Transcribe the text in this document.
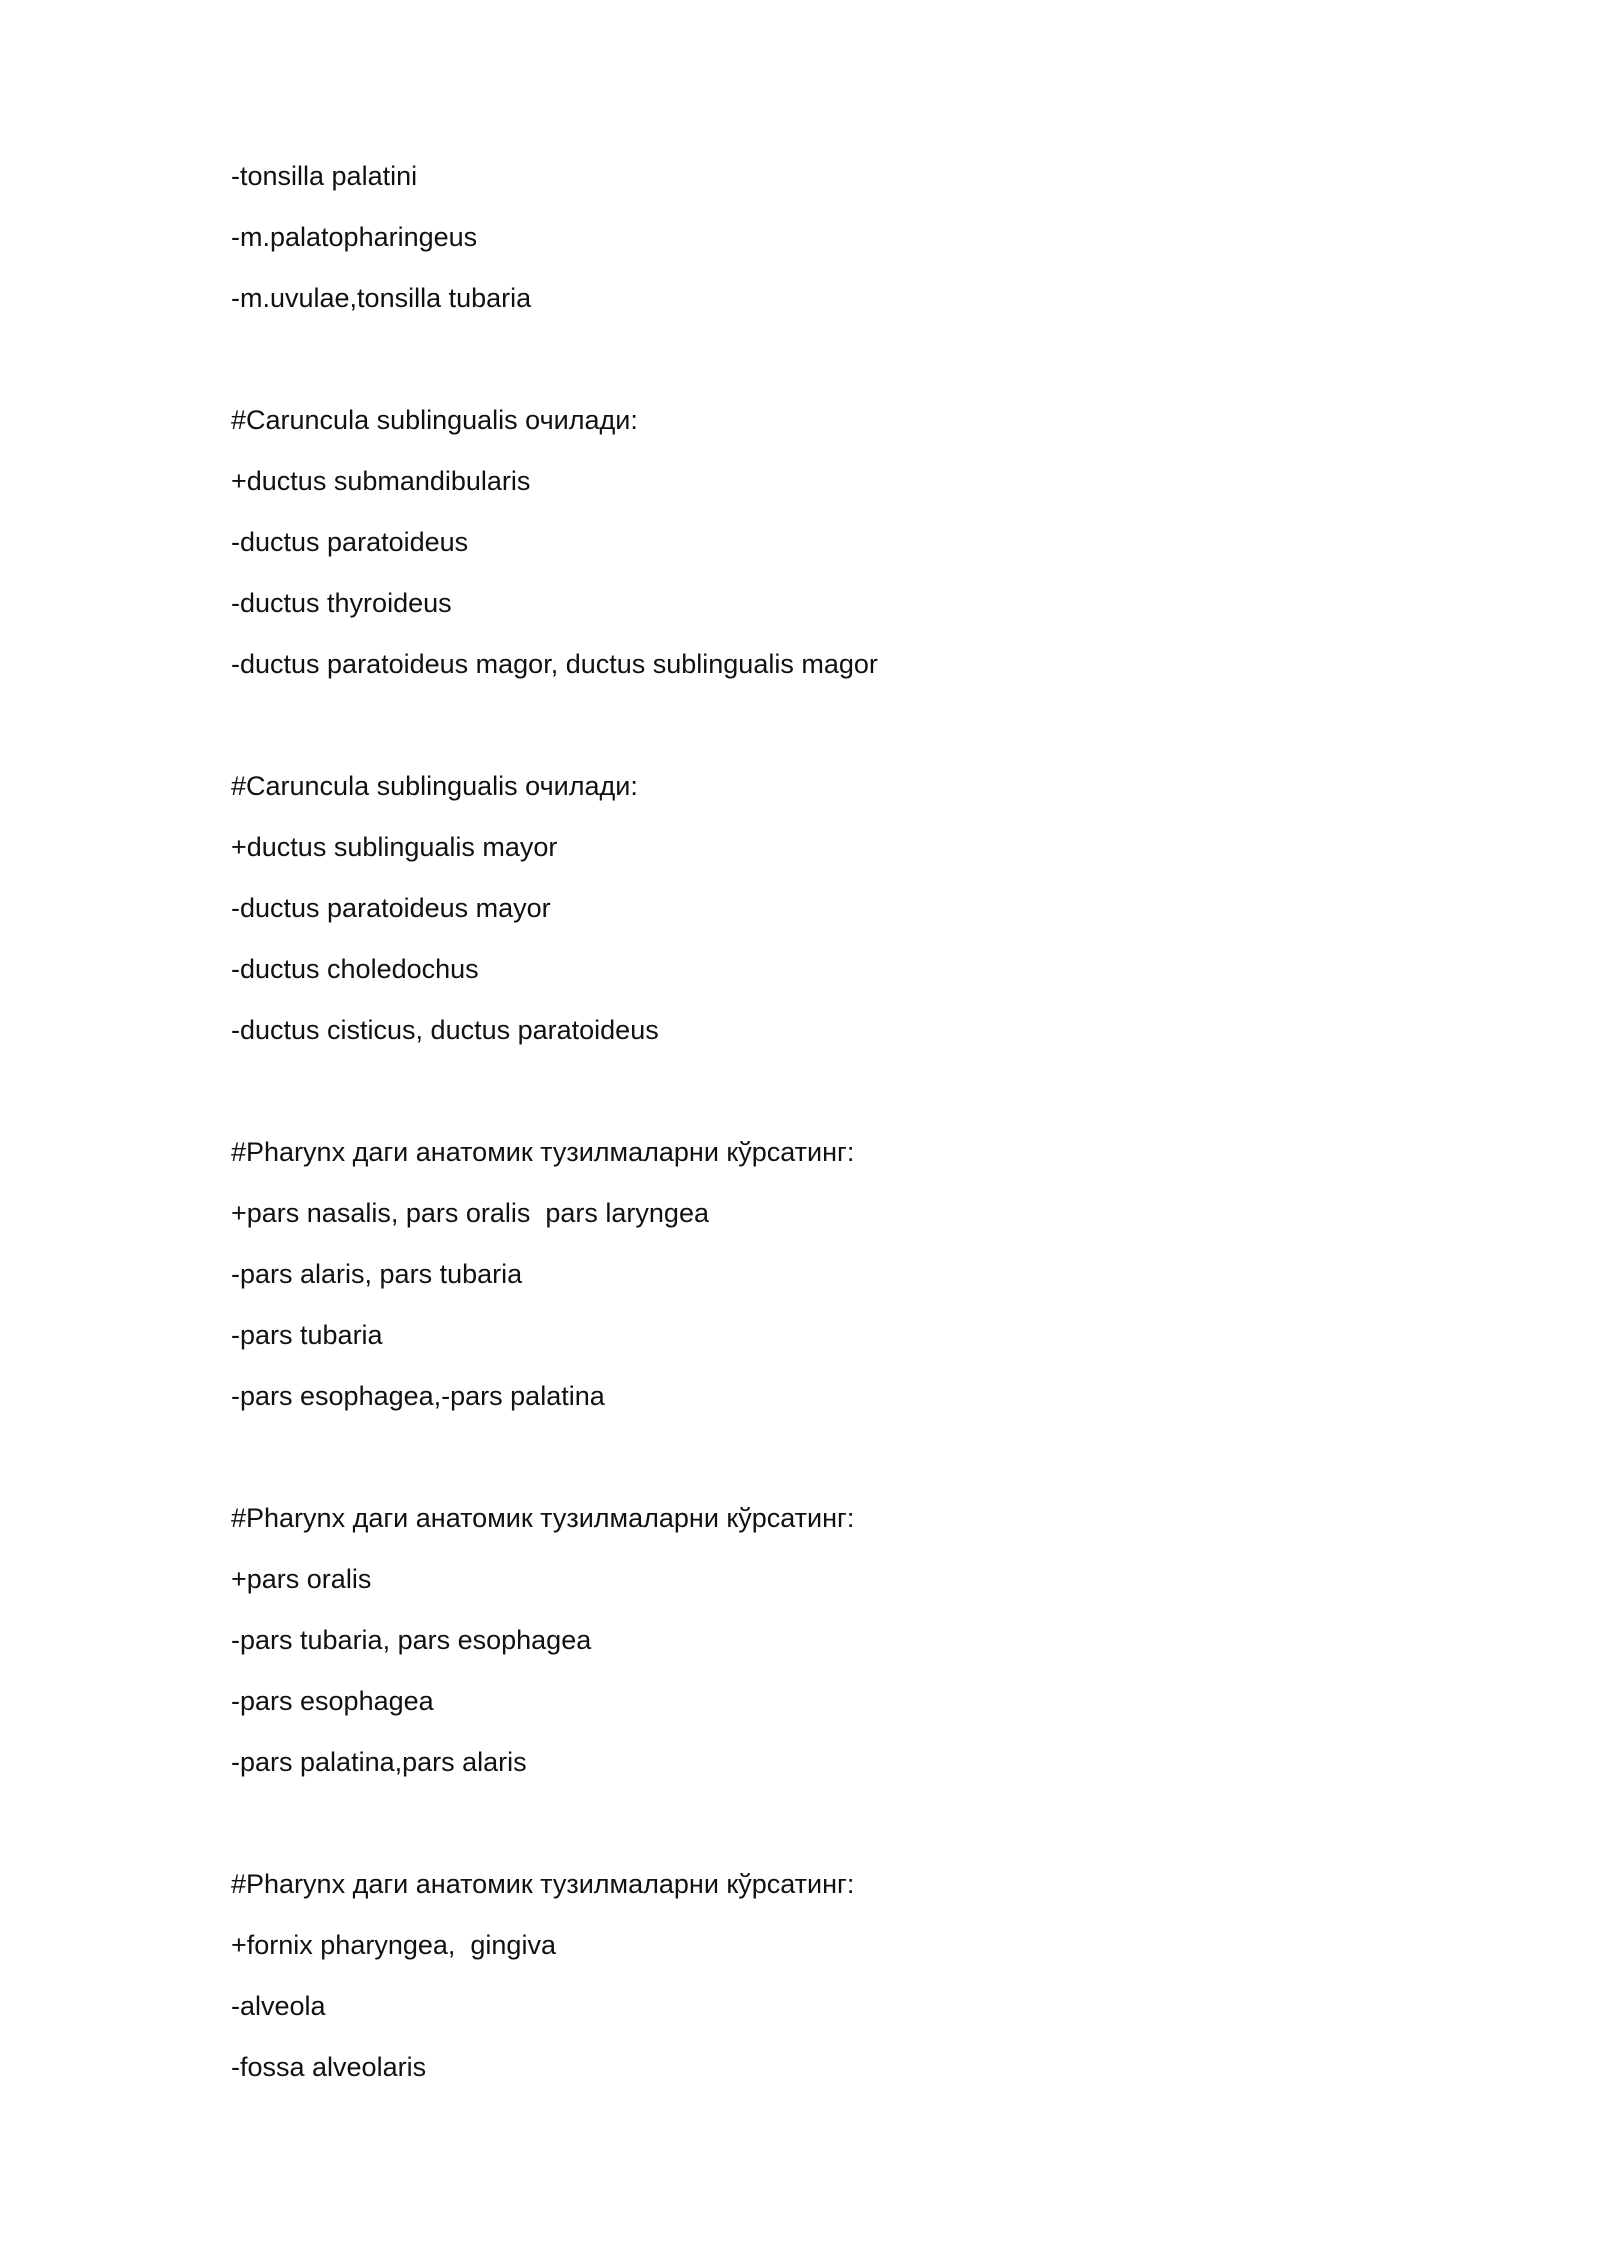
-tonsilla palatini
-m.palatopharingeus
-m.uvulae,tonsilla tubaria
#Caruncula sublingualis очилади:
+ductus submandibularis
-ductus paratoideus
-ductus thyroideus
-ductus paratoideus magor, ductus sublingualis magor
#Caruncula sublingualis очилади:
+ductus sublingualis mayor
-ductus paratoideus mayor
-ductus choledochus
-ductus cisticus, ductus paratoideus
#Pharynx даги анатомик тузилмаларни кўрсатинг:
+pars nasalis, pars oralis  pars laryngea
-pars alaris, pars tubaria
-pars tubaria
-pars esophagea,-pars palatina
#Pharynx даги анатомик тузилмаларни кўрсатинг:
+pars oralis
-pars tubaria, pars esophagea
-pars esophagea
-pars palatina,pars alaris
#Pharynx даги анатомик тузилмаларни кўрсатинг:
+fornix pharyngea,  gingiva
-alveola
-fossa alveolaris
